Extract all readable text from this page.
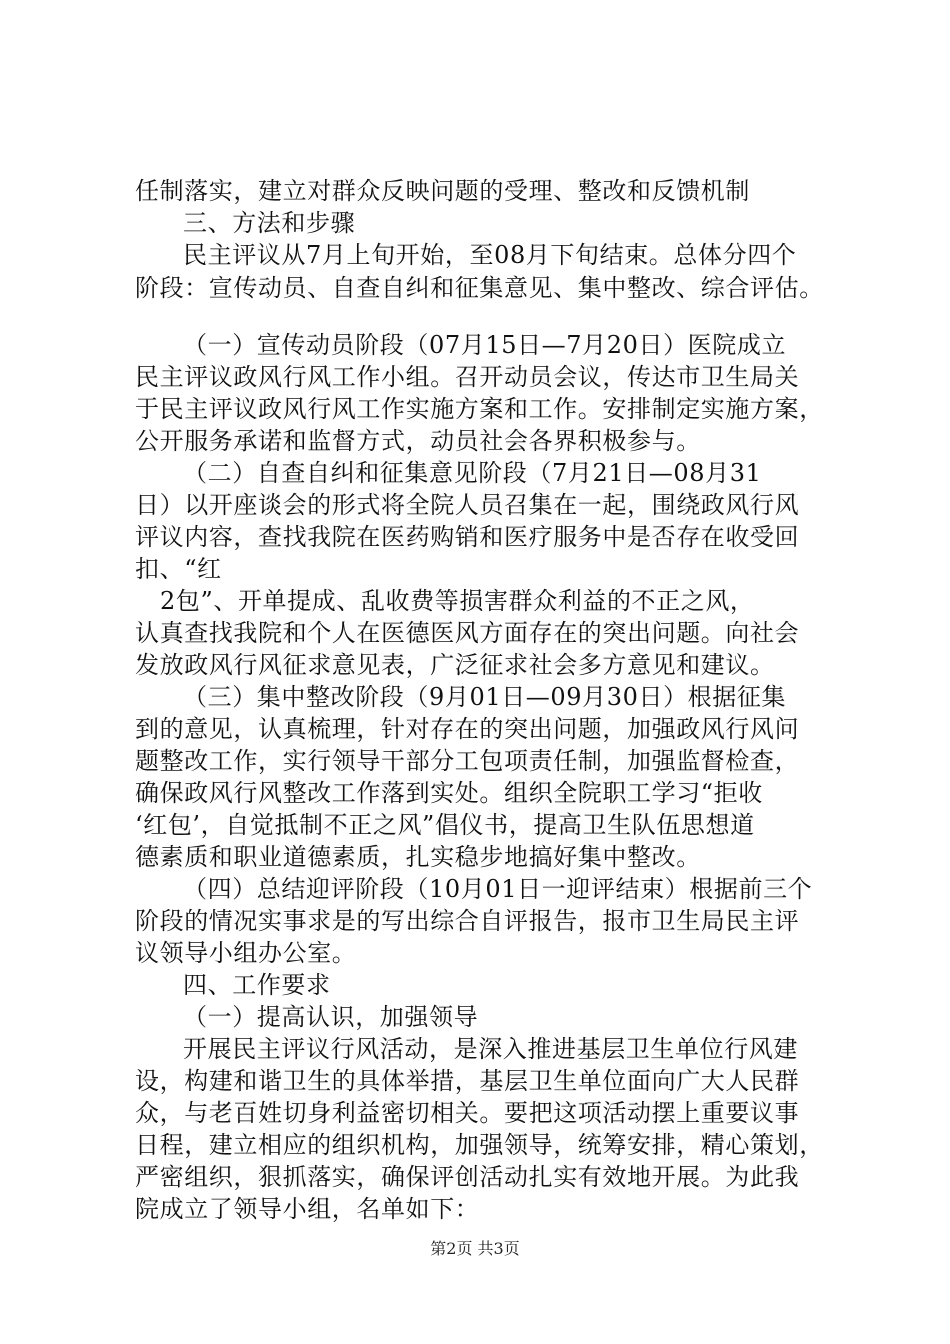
任制落实，建立对群众反映问题的受理、整改和反馈机制
三、方法和步骤
民主评议从7月上旬开始，至08月下旬结束。总体分四个
阶段：宣传动员、自查自纠和征集意见、集中整改、综合评估。
（一）宣传动员阶段（07月15日—7月20日）医院成立
民主评议政风行风工作小组。召开动员会议，传达市卫生局关
于民主评议政风行风工作实施方案和工作。安排制定实施方案，
公开服务承诺和监督方式，动员社会各界积极参与。
（二）自查自纠和征集意见阶段（7月21日—08月31
日）以开座谈会的形式将全院人员召集在一起，围绕政风行风
评议内容，查找我院在医药购销和医疗服务中是否存在收受回
扣、“红
2包”、开单提成、乱收费等损害群众利益的不正之风，
认真查找我院和个人在医德医风方面存在的突出问题。向社会
发放政风行风征求意见表，广泛征求社会多方意见和建议。
（三）集中整改阶段（9月01日—09月30日）根据征集
到的意见，认真梳理，针对存在的突出问题，加强政风行风问
题整改工作，实行领导干部分工包项责任制，加强监督检查，
确保政风行风整改工作落到实处。组织全院职工学习“拒收
‘红包’，自觉抵制不正之风”倡仪书，提高卫生队伍思想道
德素质和职业道德素质，扎实稳步地搞好集中整改。
（四）总结迎评阶段（10月01日一迎评结束）根据前三个
阶段的情况实事求是的写出综合自评报告，报市卫生局民主评
议领导小组办公室。
四、工作要求
（一）提高认识，加强领导
开展民主评议行风活动，是深入推进基层卫生单位行风建
设，构建和谐卫生的具体举措，基层卫生单位面向广大人民群
众，与老百姓切身利益密切相关。要把这项活动摆上重要议事
日程，建立相应的组织机构，加强领导，统筹安排，精心策划，
严密组织，狠抓落实，确保评创活动扎实有效地开展。为此我
院成立了领导小组，名单如下：
第2页 共3页
